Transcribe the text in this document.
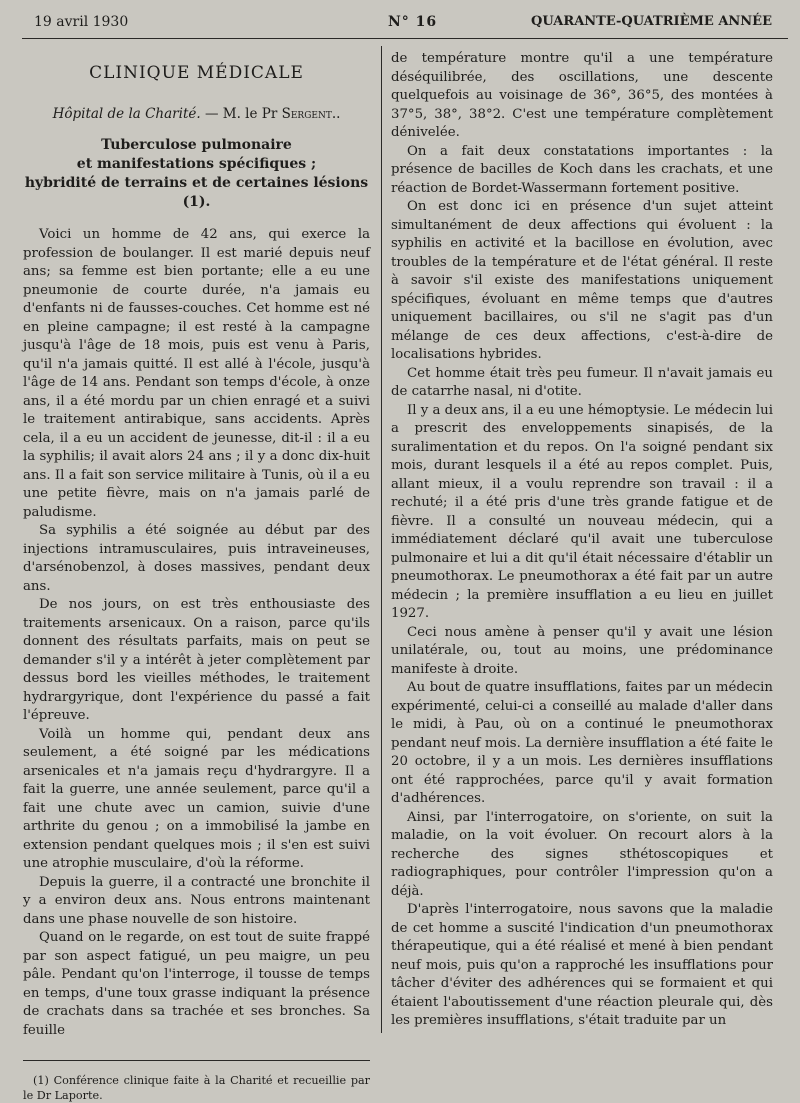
19 avril 1930	N° 16	QUARANTE-QUATRIÈME ANNÉE
CLINIQUE MÉDICALE
Hôpital de la Charité. — M. le Pr Sergent..
Tuberculose pulmonaire
et manifestations spécifiques ;
hybridité de terrains et de certaines lésions (1).

Voici un homme de 42 ans, qui exerce la profession de boulanger. Il est marié depuis neuf ans; sa femme est bien portante; elle a eu une pneumonie de courte durée, n'a jamais eu d'enfants ni de fausses-couches. Cet homme est né en pleine campagne; il est resté à la campagne jusqu'à l'âge de 18 mois, puis est venu à Paris, qu'il n'a jamais quitté. Il est allé à l'école, jusqu'à l'âge de 14 ans. Pendant son temps d'école, à onze ans, il a été mordu par un chien enragé et a suivi le traitement antirabique, sans accidents. Après cela, il a eu un accident de jeunesse, dit-il : il a eu la syphilis; il avait alors 24 ans ; il y a donc dix-huit ans. Il a fait son service militaire à Tunis, où il a eu une petite fièvre, mais on n'a jamais parlé de paludisme.

Sa syphilis a été soignée au début par des injections intramusculaires, puis intraveineuses, d'arsénobenzol, à doses massives, pendant deux ans.

De nos jours, on est très enthousiaste des traitements arsenicaux. On a raison, parce qu'ils donnent des résultats parfaits, mais on peut se demander s'il y a intérêt à jeter complètement par dessus bord les vieilles méthodes, le traitement hydrargyrique, dont l'expérience du passé a fait l'épreuve.

Voilà un homme qui, pendant deux ans seulement, a été soigné par les médications arsenicales et n'a jamais reçu d'hydrargyre. Il a fait la guerre, une année seulement, parce qu'il a fait une chute avec un camion, suivie d'une arthrite du genou ; on a immobilisé la jambe en extension pendant quelques mois ; il s'en est suivi une atrophie musculaire, d'où la réforme.

Depuis la guerre, il a contracté une bronchite il y a environ deux ans. Nous entrons maintenant dans une phase nouvelle de son histoire.

Quand on le regarde, on est tout de suite frappé par son aspect fatigué, un peu maigre, un peu pâle. Pendant qu'on l'interroge, il tousse de temps en temps, d'une toux grasse indiquant la présence de crachats dans sa trachée et ses bronches. Sa feuille

(1) Conférence clinique faite à la Charité et recueillie par le Dr Laporte.

de température montre qu'il a une température déséquilibrée, des oscillations, une descente quelquefois au voisinage de 36°, 36°5, des montées à 37°5, 38°, 38°2. C'est une température complètement dénivelée.

On a fait deux constatations importantes : la présence de bacilles de Koch dans les crachats, et une réaction de Bordet-Wassermann fortement positive.

On est donc ici en présence d'un sujet atteint simultanément de deux affections qui évoluent : la syphilis en activité et la bacillose en évolution, avec troubles de la température et de l'état général. Il reste à savoir s'il existe des manifestations uniquement spécifiques, évoluant en même temps que d'autres uniquement bacillaires, ou s'il ne s'agit pas d'un mélange de ces deux affections, c'est-à-dire de localisations hybrides.

Cet homme était très peu fumeur. Il n'avait jamais eu de catarrhe nasal, ni d'otite.

Il y a deux ans, il a eu une hémoptysie. Le médecin lui a prescrit des enveloppements sinapisés, de la suralimentation et du repos. On l'a soigné pendant six mois, durant lesquels il a été au repos complet. Puis, allant mieux, il a voulu reprendre son travail : il a rechuté; il a été pris d'une très grande fatigue et de fièvre. Il a consulté un nouveau médecin, qui a immédiatement déclaré qu'il avait une tuberculose pulmonaire et lui a dit qu'il était nécessaire d'établir un pneumothorax. Le pneumothorax a été fait par un autre médecin ; la première insufflation a eu lieu en juillet 1927.

Ceci nous amène à penser qu'il y avait une lésion unilatérale, ou, tout au moins, une prédominance manifeste à droite.

Au bout de quatre insufflations, faites par un médecin expérimenté, celui-ci a conseillé au malade d'aller dans le midi, à Pau, où on a continué le pneumothorax pendant neuf mois. La dernière insufflation a été faite le 20 octobre, il y a un mois. Les dernières insufflations ont été rapprochées, parce qu'il y avait formation d'adhérences.

Ainsi, par l'interrogatoire, on s'oriente, on suit la maladie, on la voit évoluer. On recourt alors à la recherche des signes sthétoscopiques et radiographiques, pour contrôler l'impression qu'on a déjà.

D'après l'interrogatoire, nous savons que la maladie de cet homme a suscité l'indication d'un pneumothorax thérapeutique, qui a été réalisé et mené à bien pendant neuf mois, puis qu'on a rapproché les insufflations pour tâcher d'éviter des adhérences qui se formaient et qui étaient l'aboutissement d'une réaction pleurale qui, dès les premières insufflations, s'était traduite par un
